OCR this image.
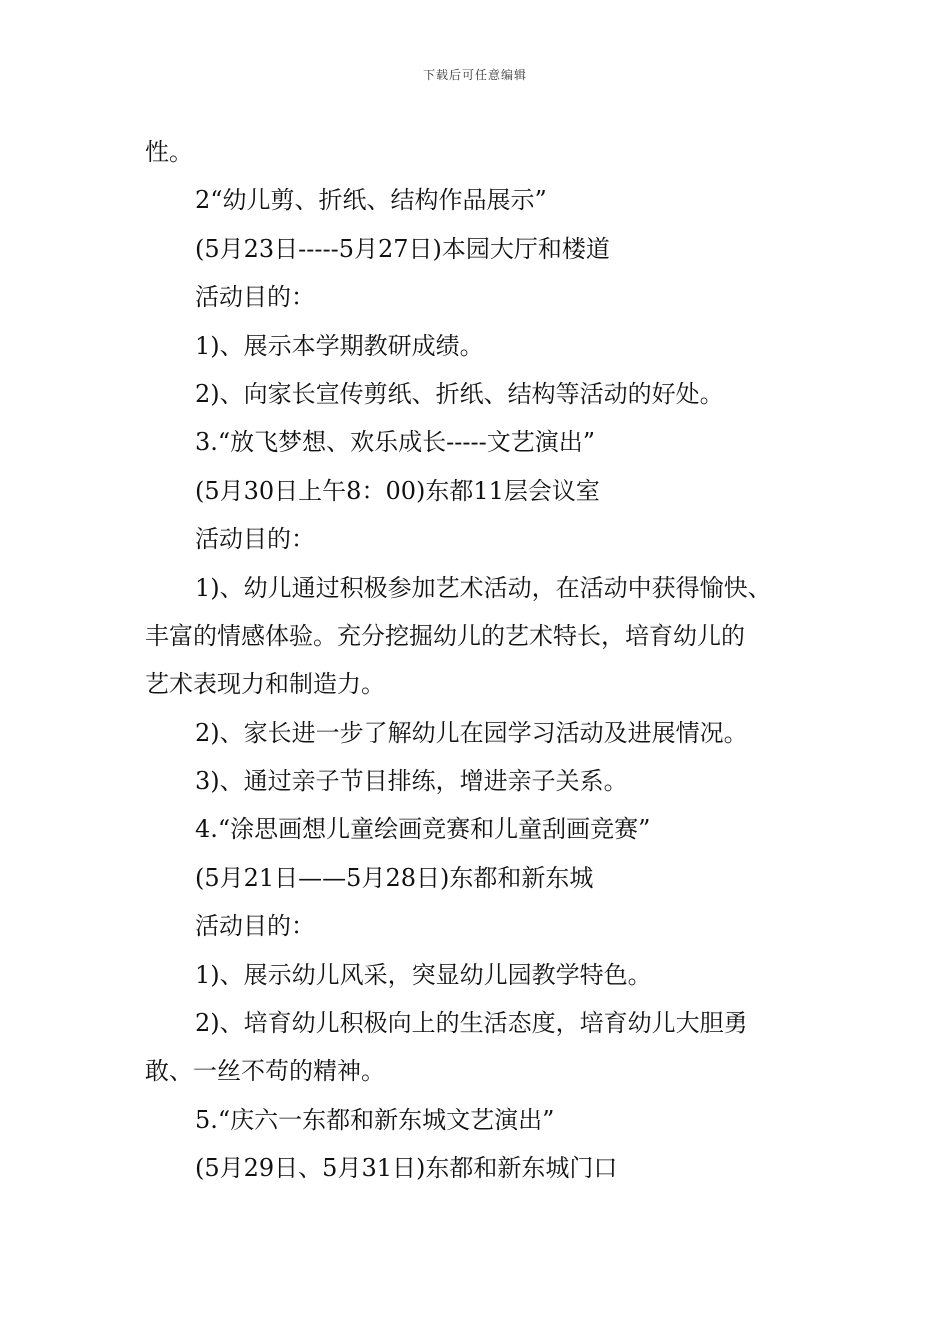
下载后可任意编辑
性。
2“幼儿剪、折纸、结构作品展示”
(5月23日-----5月27日)本园大厅和楼道
活动目的：
1)、展示本学期教研成绩。
2)、向家长宣传剪纸、折纸、结构等活动的好处。
3.“放飞梦想、欢乐成长-----文艺演出”
(5月30日上午8：00)东都11层会议室
活动目的：
1)、幼儿通过积极参加艺术活动，在活动中获得愉快、
丰富的情感体验。充分挖掘幼儿的艺术特长，培育幼儿的
艺术表现力和制造力。
2)、家长进一步了解幼儿在园学习活动及进展情况。
3)、通过亲子节目排练，增进亲子关系。
4.“涂思画想儿童绘画竞赛和儿童刮画竞赛”
(5月21日——5月28日)东都和新东城
活动目的：
1)、展示幼儿风采，突显幼儿园教学特色。
2)、培育幼儿积极向上的生活态度，培育幼儿大胆勇
敢、一丝不苟的精神。
5.“庆六一东都和新东城文艺演出”
(5月29日、5月31日)东都和新东城门口
